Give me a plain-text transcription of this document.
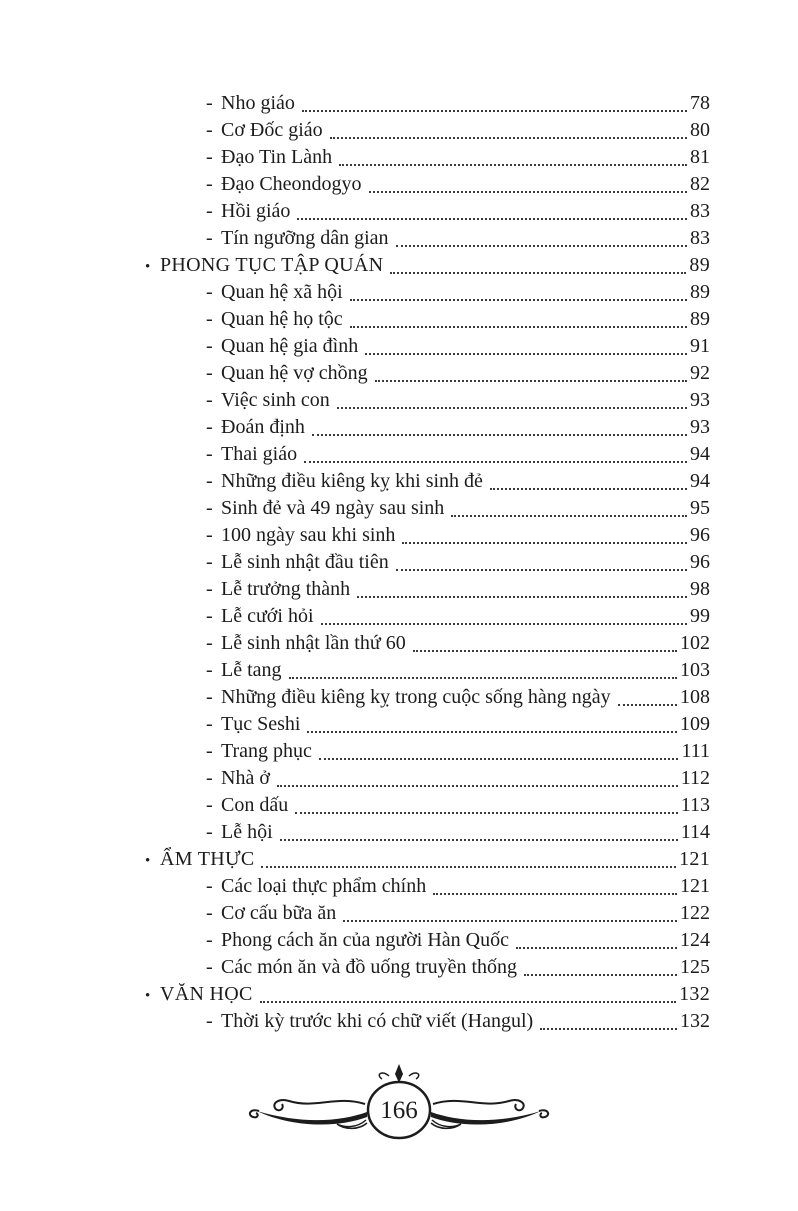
- Nho giáo	78
- Cơ Đốc giáo	80
- Đạo Tin Lành	81
- Đạo Cheondogyo	82
- Hồi giáo	83
- Tín ngưỡng dân gian	83
• PHONG TỤC TẬP QUÁN	89
- Quan hệ xã hội	89
- Quan hệ họ tộc	89
- Quan hệ gia đình	91
- Quan hệ vợ chồng	92
- Việc sinh con	93
- Đoán định	93
- Thai giáo	94
- Những điều kiêng kỵ khi sinh đẻ	94
- Sinh đẻ và 49 ngày sau sinh	95
- 100 ngày sau khi sinh	96
- Lễ sinh nhật đầu tiên	96
- Lễ trưởng thành	98
- Lễ cưới hỏi	99
- Lễ sinh nhật lần thứ 60	102
- Lễ tang	103
- Những điều kiêng kỵ trong cuộc sống hàng ngày	108
- Tục Seshi	109
- Trang phục	111
- Nhà ở	112
- Con dấu	113
- Lễ hội	114
• ẨM THỰC	121
- Các loại thực phẩm chính	121
- Cơ cấu bữa ăn	122
- Phong cách ăn của người Hàn Quốc	124
- Các món ăn và đồ uống truyền thống	125
• VĂN HỌC	132
- Thời kỳ trước khi có chữ viết (Hangul)	132
166
